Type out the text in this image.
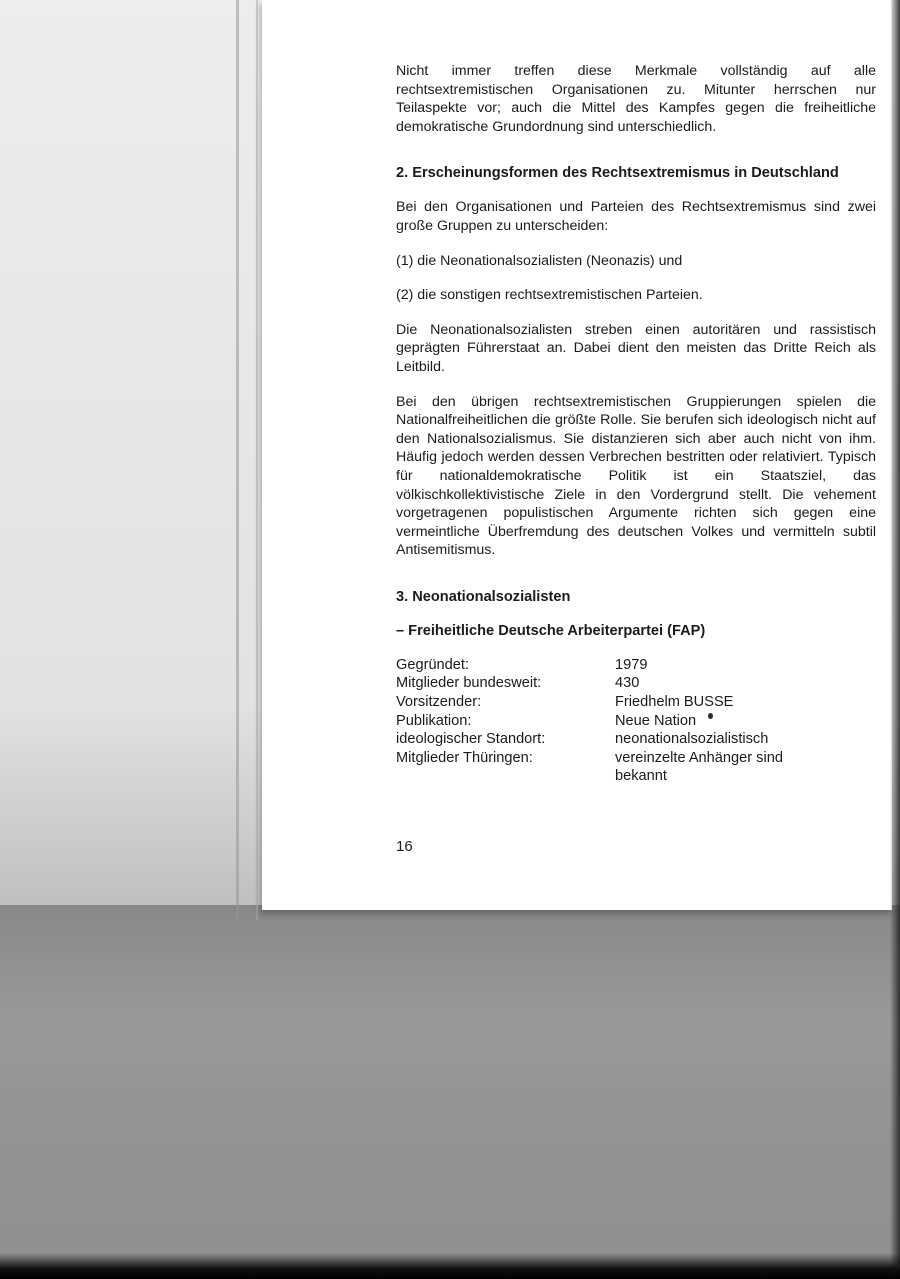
Nicht immer treffen diese Merkmale vollständig auf alle rechtsextremistischen Organisationen zu. Mitunter herrschen nur Teilaspekte vor; auch die Mittel des Kampfes gegen die freiheitliche demokratische Grundordnung sind unterschiedlich.

2. Erscheinungsformen des Rechtsextremismus in Deutschland

Bei den Organisationen und Parteien des Rechtsextremismus sind zwei große Gruppen zu unterscheiden:

(1) die Neonationalsozialisten (Neonazis) und

(2) die sonstigen rechtsextremistischen Parteien.

Die Neonationalsozialisten streben einen autoritären und rassistisch geprägten Führerstaat an. Dabei dient den meisten das Dritte Reich als Leitbild.

Bei den übrigen rechtsextremistischen Gruppierungen spielen die Nationalfreiheitlichen die größte Rolle. Sie berufen sich ideologisch nicht auf den Nationalsozialismus. Sie distanzieren sich aber auch nicht von ihm. Häufig jedoch werden dessen Verbrechen bestritten oder relativiert. Typisch für nationaldemokratische Politik ist ein Staatsziel, das völkischkollektivistische Ziele in den Vordergrund stellt. Die vehement vorgetragenen populistischen Argumente richten sich gegen eine vermeintliche Überfremdung des deutschen Volkes und vermitteln subtil Antisemitismus.

3. Neonationalsozialisten
– Freiheitliche Deutsche Arbeiterpartei (FAP)
Gegründet:	1979
Mitglieder bundesweit:	430
Vorsitzender:	Friedhelm BUSSE
Publikation:	Neue Nation
ideologischer Standort:	neonationalsozialistisch
Mitglieder Thüringen:	vereinzelte Anhänger sind
bekannt
16
